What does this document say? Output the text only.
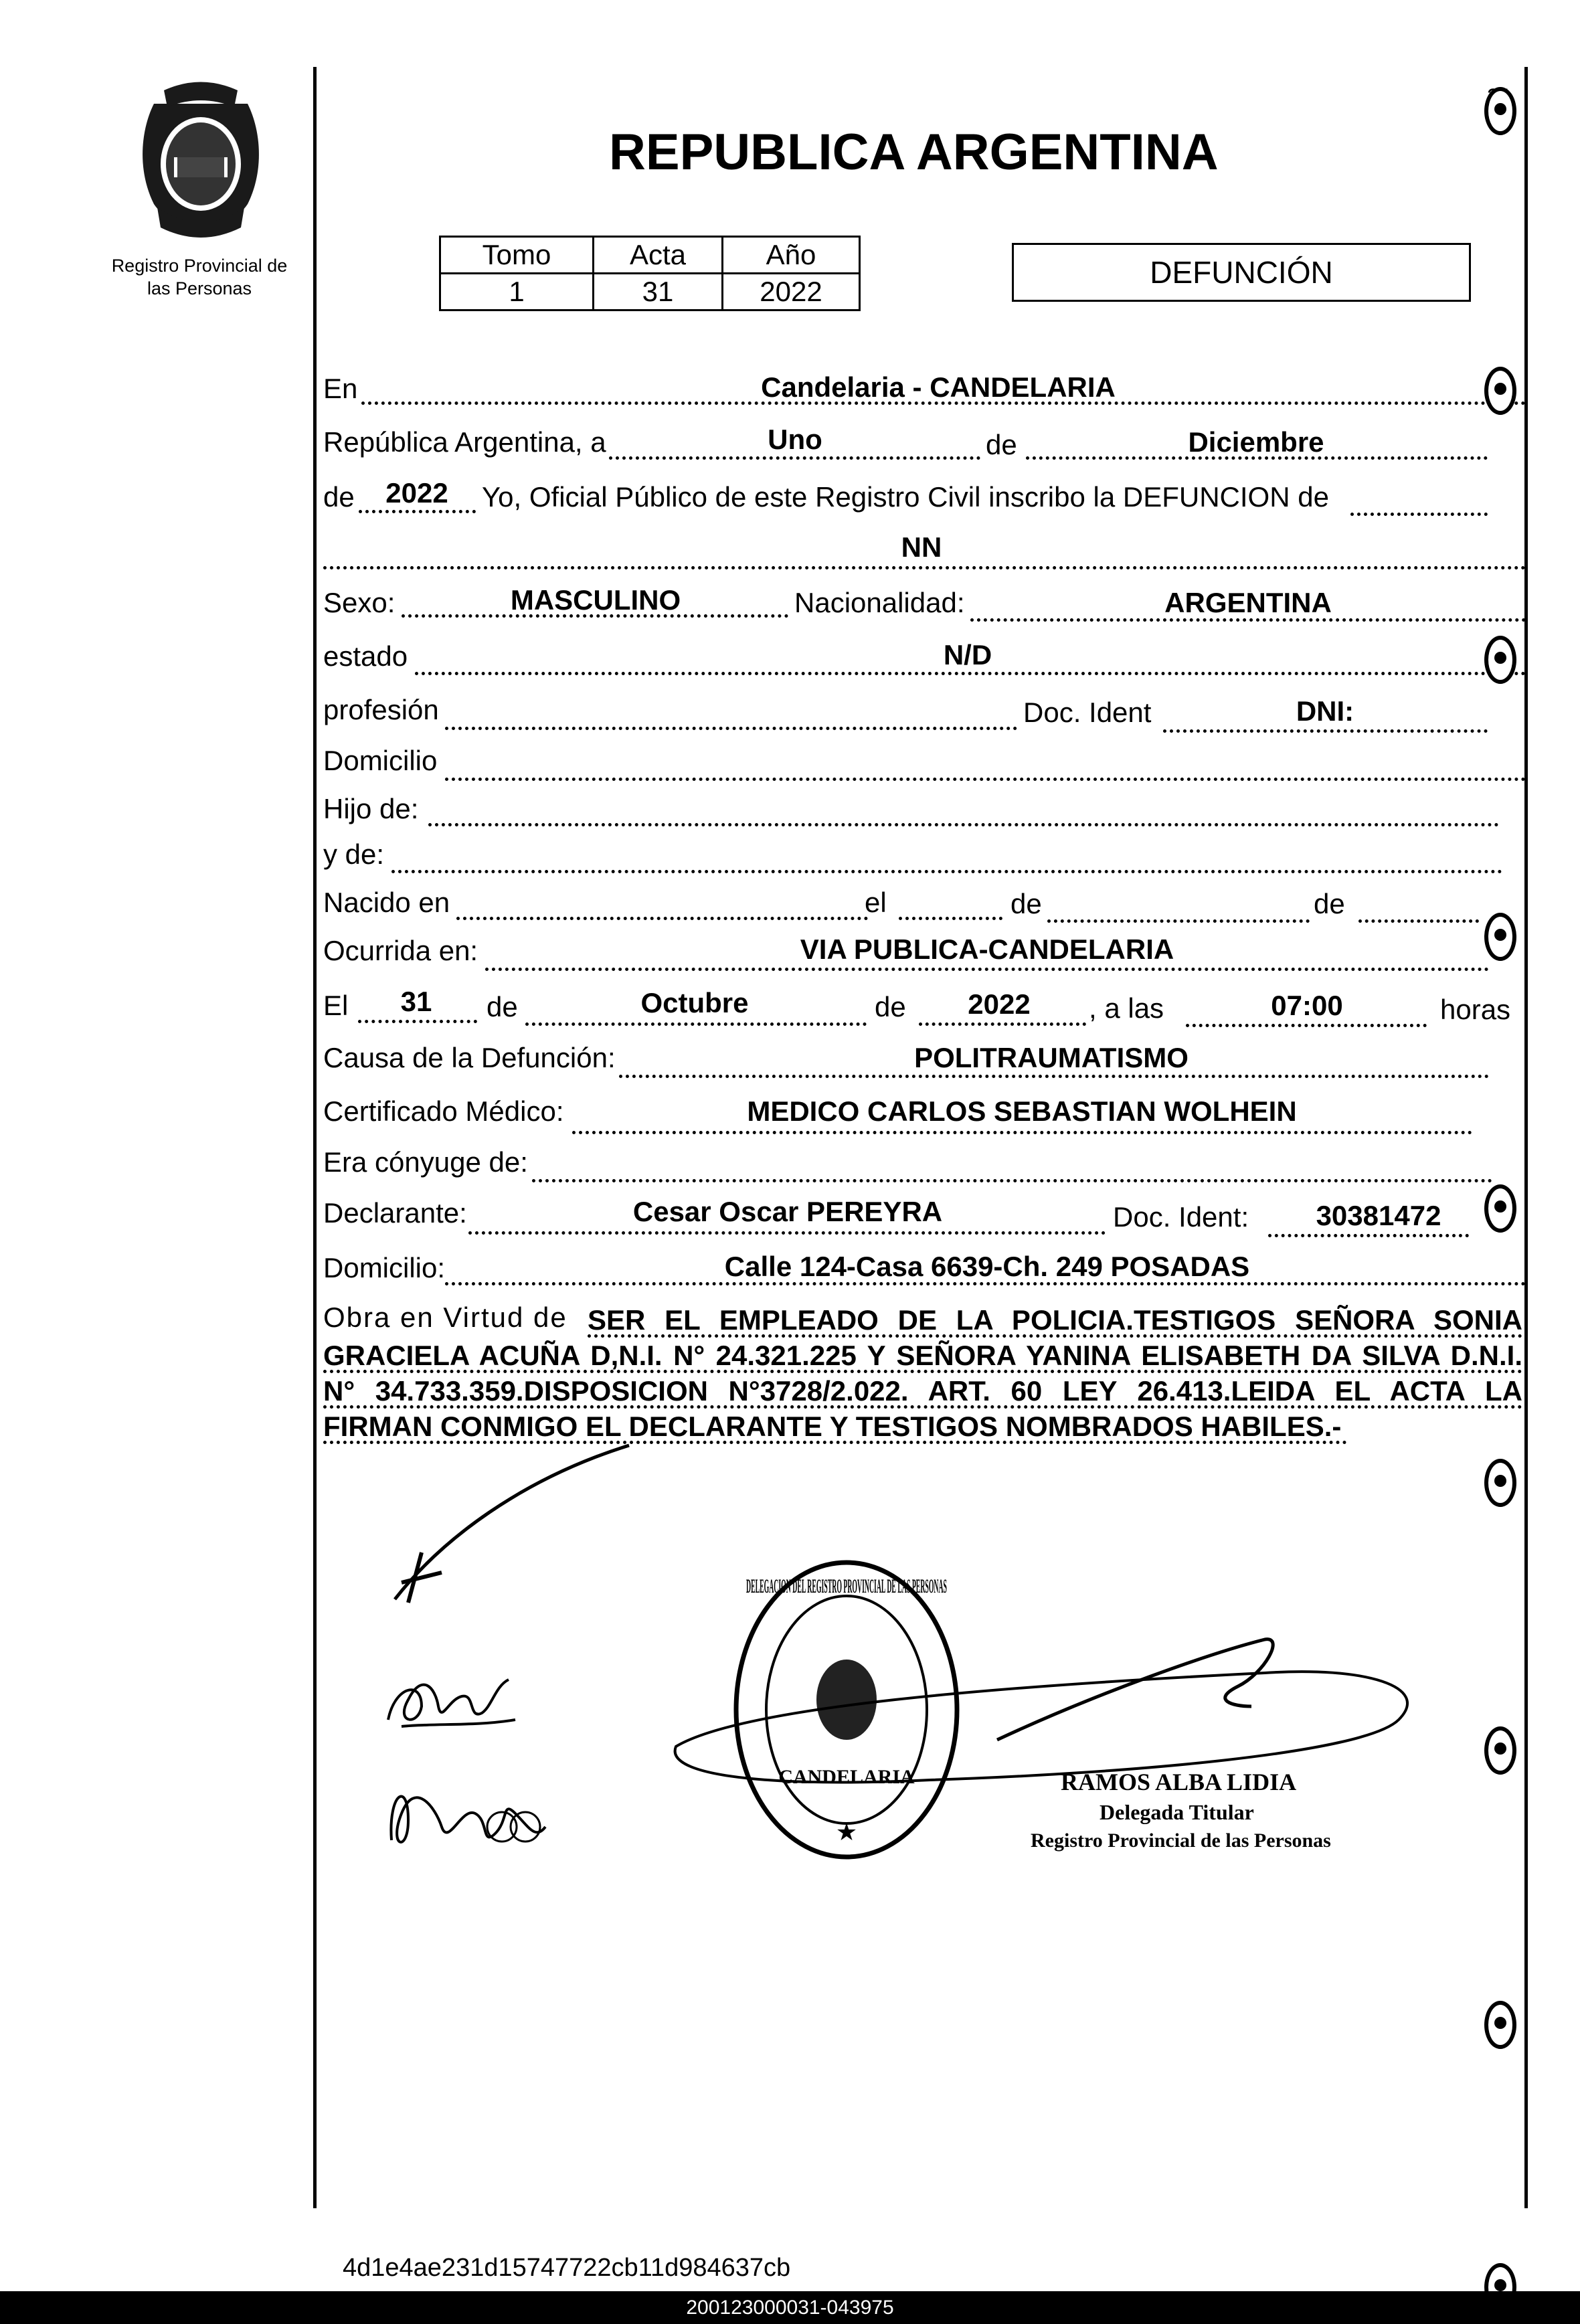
Registro Provincial de
las Personas
REPUBLICA ARGENTINA
Tomo	Acta	Año
1	31	2022
DEFUNCIÓN
En	Candelaria - CANDELARIA
República Argentina, a	Uno	de	Diciembre
de 2022 Yo, Oficial Público de este Registro Civil inscribo la DEFUNCION de
NN
Sexo:	MASCULINO	Nacionalidad:	ARGENTINA
estado	N/D
profesión	Doc. Ident	DNI:
Domicilio
Hijo de:
y de:
Nacido en	el	de	de
Ocurrida en:	VIA PUBLICA-CANDELARIA
El 31 de	Octubre	de 2022 , a las	07:00	horas
Causa de la Defunción:	POLITRAUMATISMO
Certificado Médico:	MEDICO CARLOS SEBASTIAN WOLHEIN
Era cónyuge de:
Declarante:	Cesar Oscar PEREYRA	Doc. Ident: 30381472
Domicilio:	Calle 124-Casa 6639-Ch. 249 POSADAS
Obra en Virtud de SER EL EMPLEADO DE LA POLICIA.TESTIGOS SEÑORA SONIA
GRACIELA ACUÑA D,N.I. N° 24.321.225 Y SEÑORA YANINA ELISABETH DA SILVA D.N.I.
N° 34.733.359.DISPOSICION N°3728/2.022. ART. 60 LEY 26.413.LEIDA EL ACTA LA
FIRMAN CONMIGO EL DECLARANTE Y TESTIGOS NOMBRADOS HABILES.-
DELEGACION DEL REGISTRO PROVINCIAL DE LAS PERSONAS
CANDELARIA
★
RAMOS ALBA LIDIA
Delegada Titular
Registro Provincial de las Personas
4d1e4ae231d15747722cb11d984637cb
200123000031-043975
